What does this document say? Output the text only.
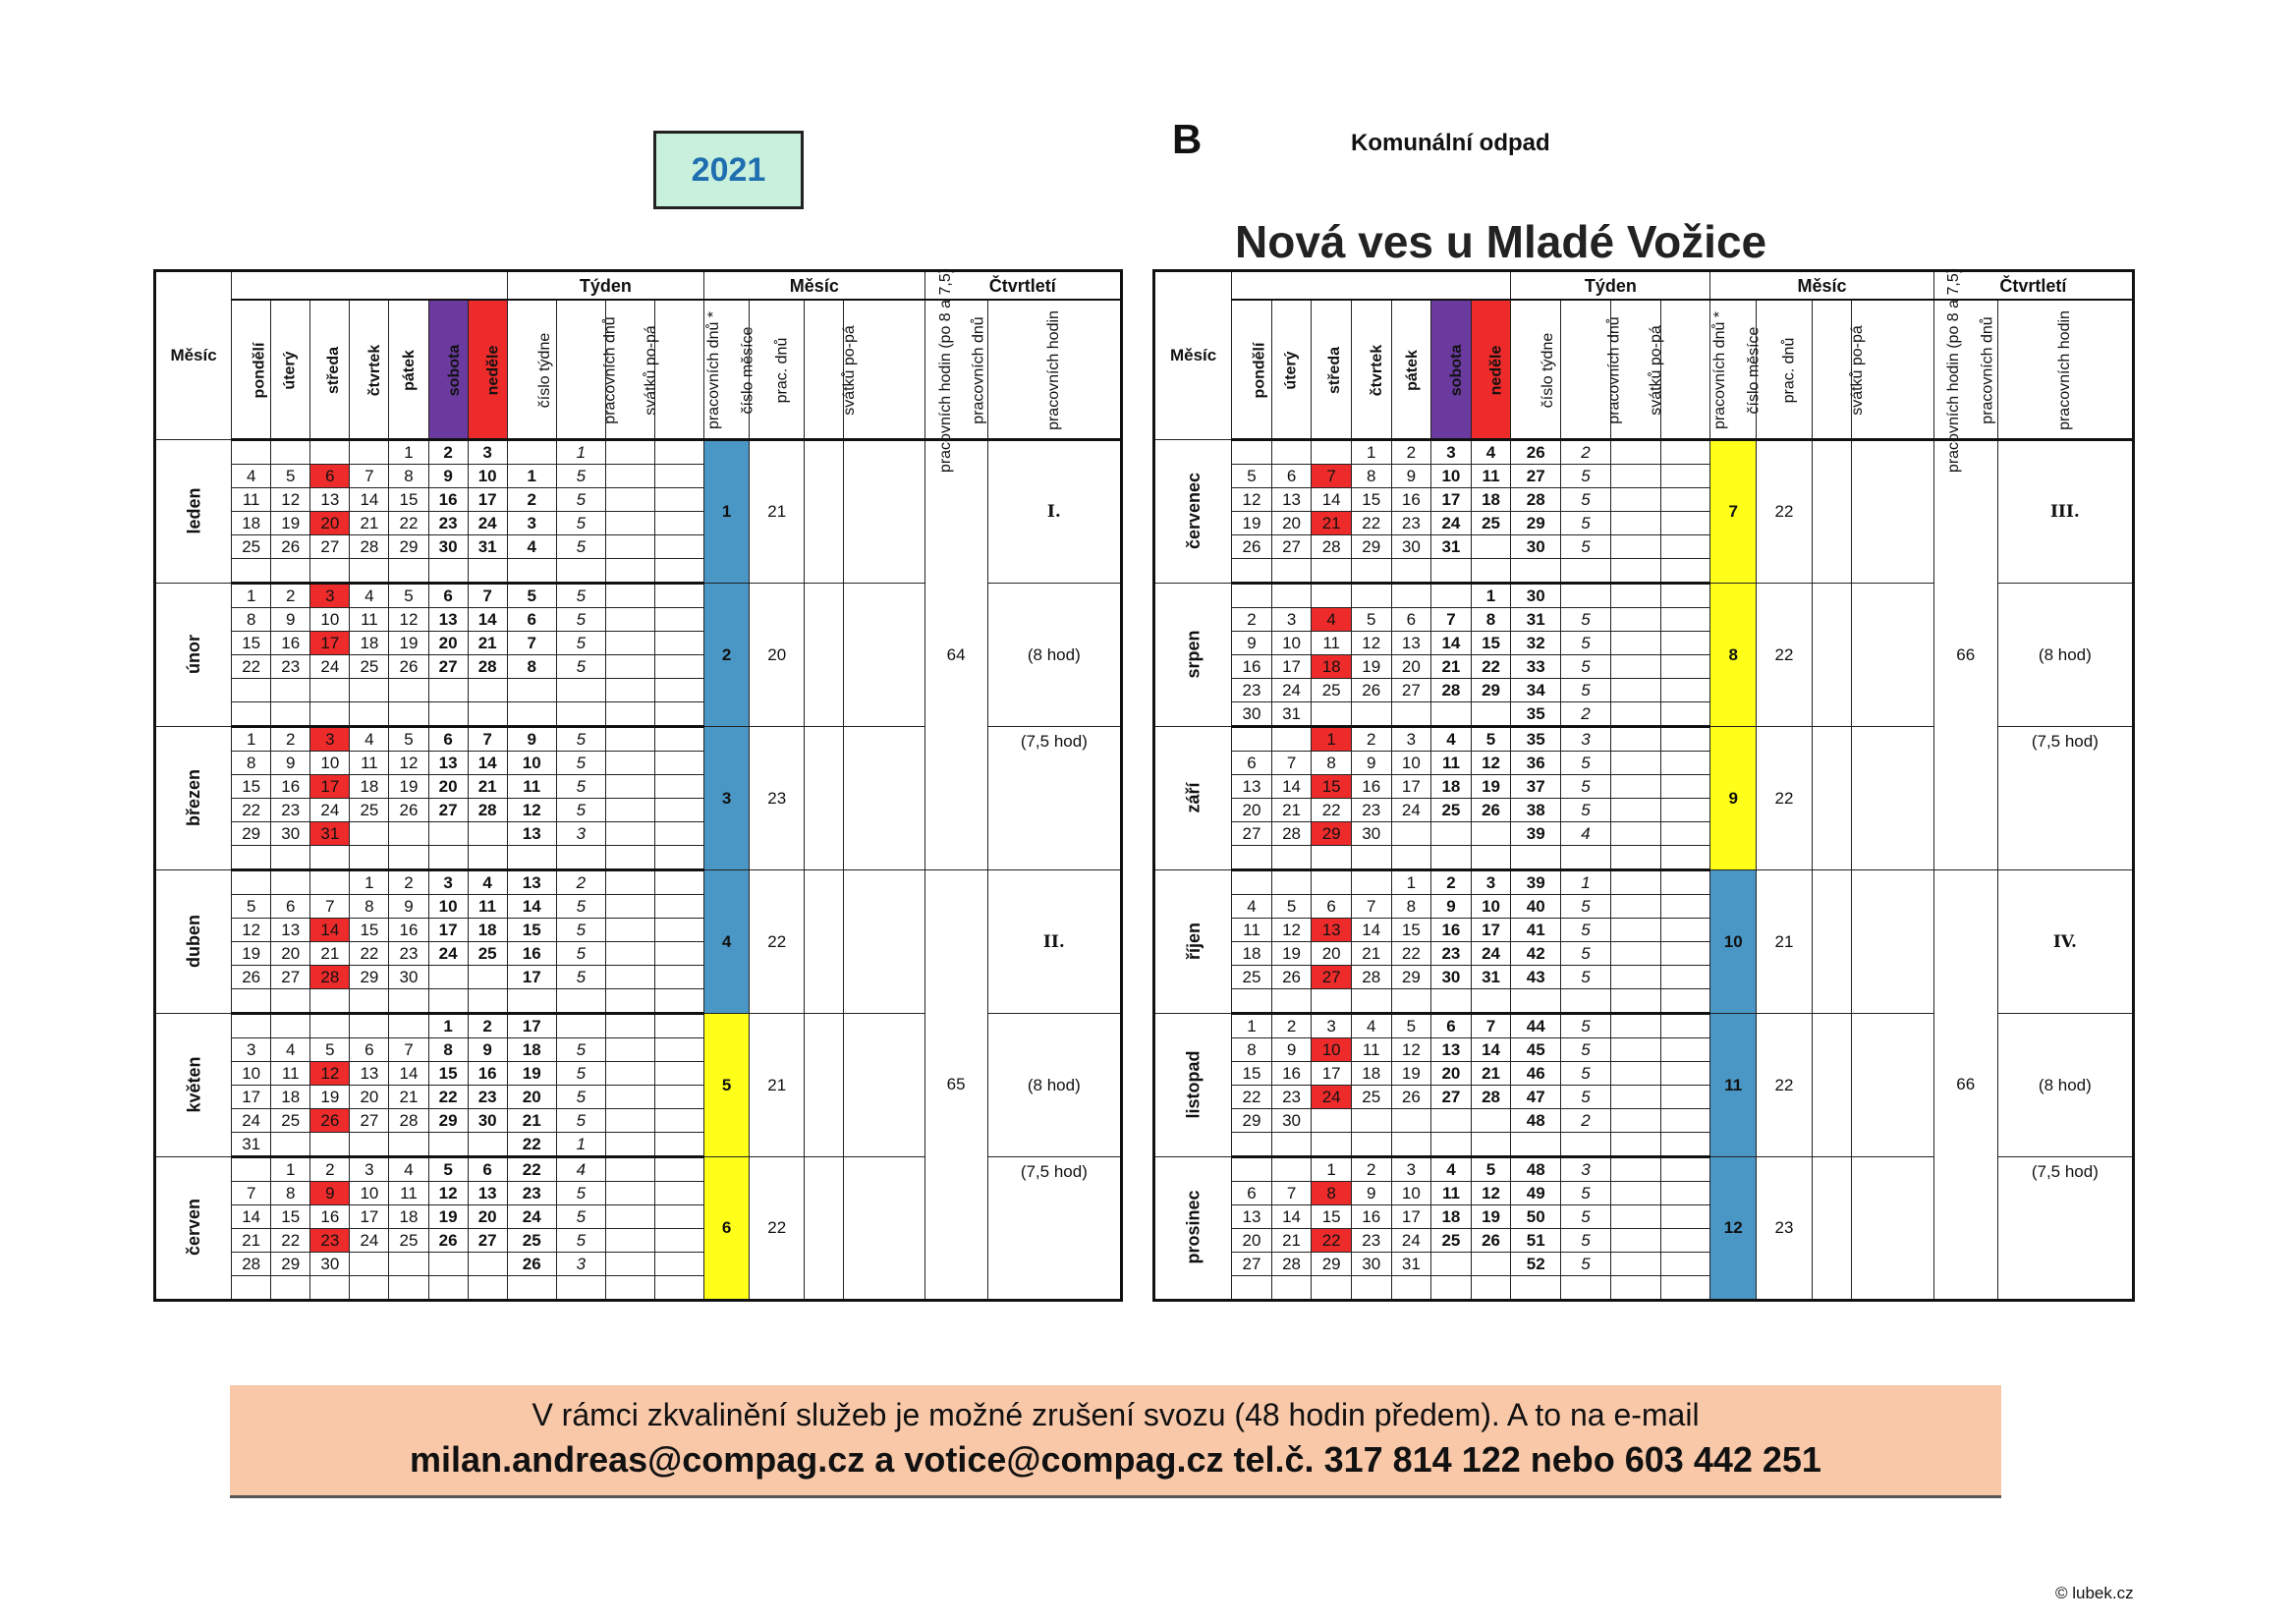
2021
B	Komunální odpad
Nová ves u Mladé Vožice
Měsíc								Týden				Měsíc				Čtvrtletí	
	pondělí	úterý	středa	čtvrtek	pátek	sobota	neděle	číslo týdne	pracovních dnů	svátků po-pá	pracovních dnů *	číslo měsíce	prac. dnů	svátků po-pá	pracovních hodin (po 8 a 7,5)	pracovních dnů	pracovních hodin
leden					1	2	3		1			1	21			64	I.
	4	5	6	7	8	9	10	1	5								
	11	12	13	14	15	16	17	2	5								
	18	19	20	21	22	23	24	3	5								
	25	26	27	28	29	30	31	4	5								

únor	1	2	3	4	5	6	7	5	5			2	20				(8 hod)
	8	9	10	11	12	13	14	6	5								
	15	16	17	18	19	20	21	7	5								
	22	23	24	25	26	27	28	8	5								

březen	1	2	3	4	5	6	7	9	5			3	23				(7,5 hod)
	8	9	10	11	12	13	14	10	5								
	15	16	17	18	19	20	21	11	5								
	22	23	24	25	26	27	28	12	5								
	29	30	31					13	3								

duben				1	2	3	4	13	2			4	22			65	II.
	5	6	7	8	9	10	11	14	5								
	12	13	14	15	16	17	18	15	5								
	19	20	21	22	23	24	25	16	5								
	26	27	28	29	30			17	5								

květen						1	2	17				5	21				(8 hod)
	3	4	5	6	7	8	9	18	5								
	10	11	12	13	14	15	16	19	5								
	17	18	19	20	21	22	23	20	5								
	24	25	26	27	28	29	30	21	5								
	31							22	1								
červen		1	2	3	4	5	6	22	4			6	22				(7,5 hod)
	7	8	9	10	11	12	13	23	5								
	14	15	16	17	18	19	20	24	5								
	21	22	23	24	25	26	27	25	5								
	28	29	30					26	3								

Měsíc								Týden				Měsíc				Čtvrtletí	
	pondělí	úterý	středa	čtvrtek	pátek	sobota	neděle	číslo týdne	pracovních dnů	svátků po-pá	pracovních dnů *	číslo měsíce	prac. dnů	svátků po-pá	pracovních hodin (po 8 a 7,5)	pracovních dnů	pracovních hodin
červenec				1	2	3	4	26	2			7	22			66	III.
	5	6	7	8	9	10	11	27	5								
	12	13	14	15	16	17	18	28	5								
	19	20	21	22	23	24	25	29	5								
	26	27	28	29	30	31		30	5								

srpen							1	30				8	22				(8 hod)
	2	3	4	5	6	7	8	31	5								
	9	10	11	12	13	14	15	32	5								
	16	17	18	19	20	21	22	33	5								
	23	24	25	26	27	28	29	34	5								
	30	31						35	2								
září			1	2	3	4	5	35	3			9	22				(7,5 hod)
	6	7	8	9	10	11	12	36	5								
	13	14	15	16	17	18	19	37	5								
	20	21	22	23	24	25	26	38	5								
	27	28	29	30				39	4								

říjen					1	2	3	39	1			10	21			66	IV.
	4	5	6	7	8	9	10	40	5								
	11	12	13	14	15	16	17	41	5								
	18	19	20	21	22	23	24	42	5								
	25	26	27	28	29	30	31	43	5								

listopad	1	2	3	4	5	6	7	44	5			11	22				(8 hod)
	8	9	10	11	12	13	14	45	5								
	15	16	17	18	19	20	21	46	5								
	22	23	24	25	26	27	28	47	5								
	29	30						48	2								

prosinec			1	2	3	4	5	48	3			12	23				(7,5 hod)
	6	7	8	9	10	11	12	49	5								
	13	14	15	16	17	18	19	50	5								
	20	21	22	23	24	25	26	51	5								
	27	28	29	30	31			52	5								

V rámci zkvalinění služeb je možné zrušení svozu (48 hodin předem). A to na e-mail
milan.andreas@compag.cz a votice@compag.cz tel.č. 317 814 122 nebo 603 442 251
© lubek.cz
